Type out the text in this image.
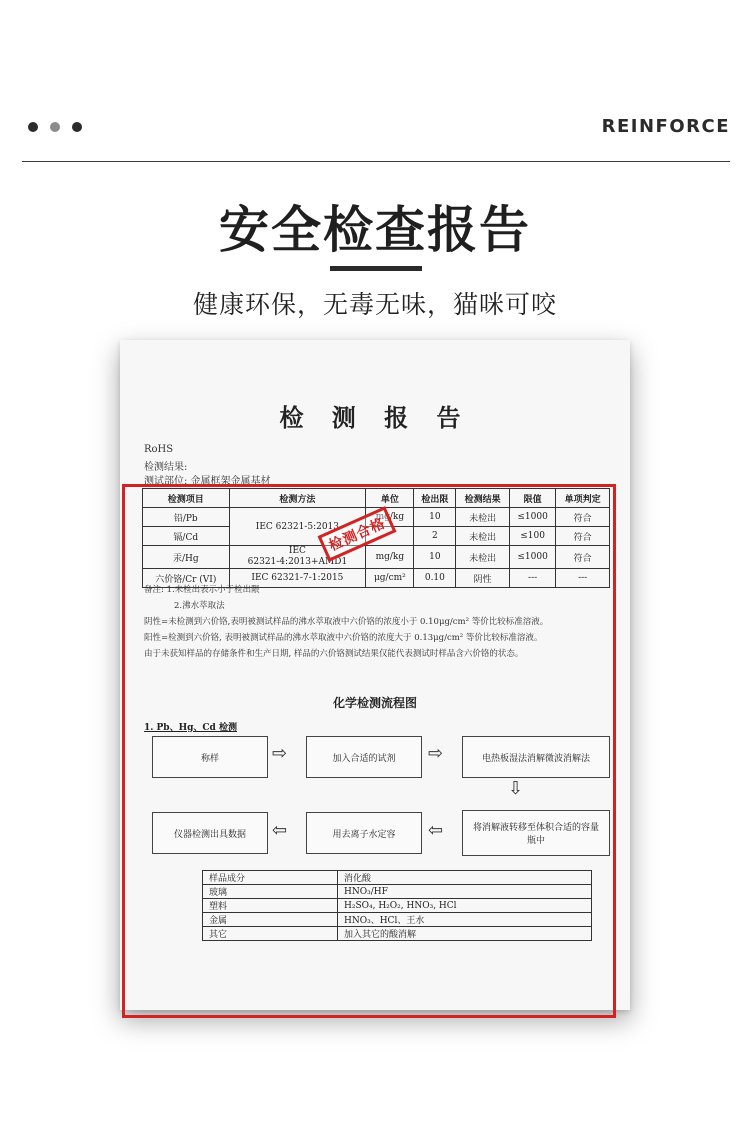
REINFORCE
安全检查报告
健康环保，无毒无味，猫咪可咬
检 测 报 告
RoHS
检测结果:
测试部位: 金属框架金属基材
检测项目	检测方法	单位	检出限	检测结果	限值	单项判定
铅/Pb	IEC 62321-5:2013	mg/kg	10	未检出	≤1000	符合
镉/Cd			2	未检出	≤100	符合
汞/Hg	IEC
62321-4:2013+AMD1	mg/kg	10	未检出	≤1000	符合
六价铬/Cr (VI)	IEC 62321-7-1:2015	μg/cm²	0.10	阴性	---	---
检测合格
备注: 1.未检出表示小于检出限
2.沸水萃取法
阴性=未检测到六价铬,表明被测试样品的沸水萃取液中六价铬的浓度小于 0.10μg/cm² 等价比较标准溶液。
阳性=检测到六价铬, 表明被测试样品的沸水萃取液中六价铬的浓度大于 0.13μg/cm² 等价比较标准溶液。
由于未获知样品的存储条件和生产日期, 样品的六价铬测试结果仅能代表测试时样品含六价铬的状态。
化学检测流程图
1. Pb、Hg、Cd 检测
称样	⇨	加入合适的试剂	⇨	电热板湿法消解微波消解法
⇩
将消解液转移至体积合适的容量瓶中
⇦
用去离子水定容
⇦
仪器检测出具数据
样品成分	消化酸
玻璃	HNO₃/HF
塑料	H₂SO₄, H₂O₂, HNO₃, HCl
金属	HNO₃、HCl、王水
其它	加入其它的酸消解
